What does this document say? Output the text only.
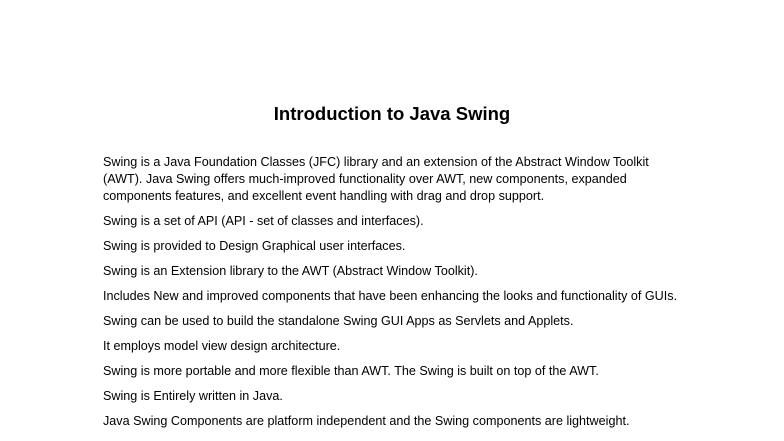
Introduction to Java Swing

Swing is a Java Foundation Classes (JFC) library and an extension of the Abstract Window Toolkit (AWT). Java Swing offers much-improved functionality over AWT, new components, expanded components features, and excellent event handling with drag and drop support.

Swing is a set of API (API - set of classes and interfaces).

Swing is provided to Design Graphical user interfaces.

Swing is an Extension library to the AWT (Abstract Window Toolkit).

Includes New and improved components that have been enhancing the looks and functionality of GUIs.

Swing can be used to build the standalone Swing GUI Apps as Servlets and Applets.

It employs model view design architecture.

Swing is more portable and more flexible than AWT. The Swing is built on top of the AWT.

Swing is Entirely written in Java.

Java Swing Components are platform independent and the Swing components are lightweight.
